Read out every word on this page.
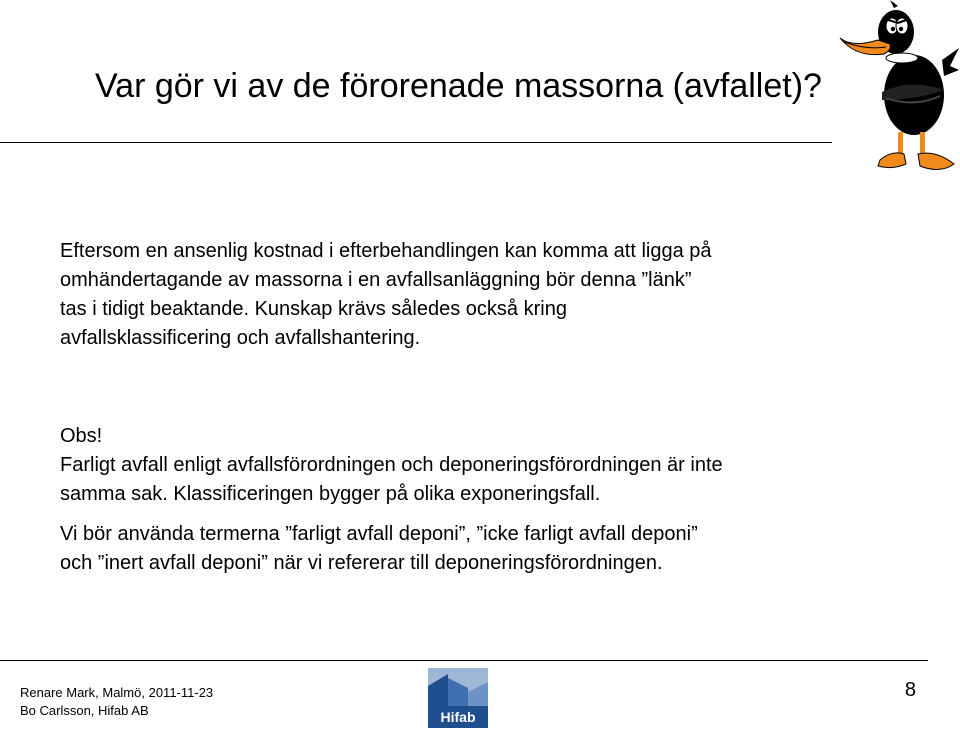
Var gör vi av de förorenade massorna (avfallet)?

Eftersom en ansenlig kostnad i efterbehandlingen kan komma att ligga på
omhändertagande av massorna i en avfallsanläggning bör denna ”länk”
tas i tidigt beaktande. Kunskap krävs således också kring
avfallsklassificering och avfallshantering.

Obs!
Farligt avfall enligt avfallsförordningen och deponeringsförordningen är inte
samma sak. Klassificeringen bygger på olika exponeringsfall.

Vi bör använda termerna ”farligt avfall deponi”, ”icke farligt avfall deponi”
och ”inert avfall deponi” när vi refererar till deponeringsförordningen.

Renare Mark, Malmö, 2011-11-23
Bo Carlsson, Hifab AB	Hifab
8
